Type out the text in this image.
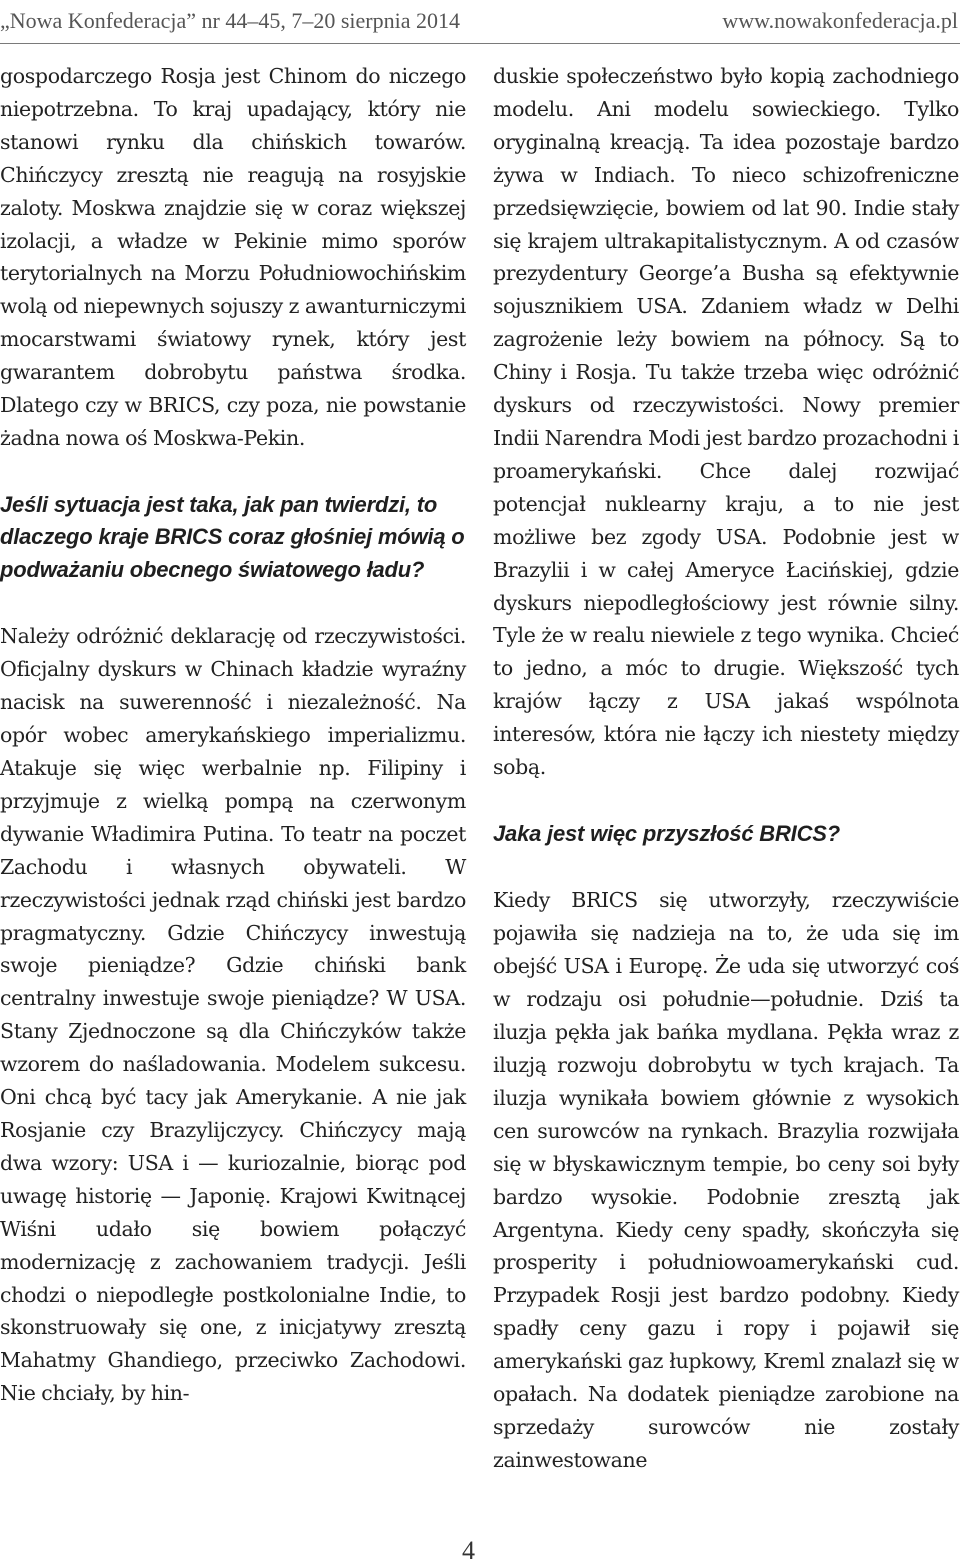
„Nowa Konfederacja” nr 44–45, 7–20 sierpnia 2014	www.nowakonfederacja.pl

gospodarczego Rosja jest Chinom do niczego niepotrzebna. To kraj upadający, który nie stanowi rynku dla chińskich towarów. Chińczycy zresztą nie reagują na rosyjskie zaloty. Moskwa znajdzie się w coraz większej izolacji, a władze w Pekinie mimo sporów terytorialnych na Morzu Południowochińskim wolą od niepewnych sojuszy z awanturniczymi mocarstwami światowy rynek, który jest gwarantem dobrobytu państwa środka. Dlatego czy w BRICS, czy poza, nie powstanie żadna nowa oś Moskwa-Pekin.

Jeśli sytuacja jest taka, jak pan twierdzi, to dlaczego kraje BRICS coraz głośniej mówią o podważaniu obecnego światowego ładu?

Należy odróżnić deklarację od rzeczywistości. Oficjalny dyskurs w Chinach kładzie wyraźny nacisk na suwerenność i niezależność. Na opór wobec amerykańskiego imperializmu. Atakuje się więc werbalnie np. Filipiny i przyjmuje z wielką pompą na czerwonym dywanie Władimira Putina. To teatr na poczet Zachodu i własnych obywateli. W rzeczywistości jednak rząd chiński jest bardzo pragmatyczny. Gdzie Chińczycy inwestują swoje pieniądze? Gdzie chiński bank centralny inwestuje swoje pieniądze? W USA. Stany Zjednoczone są dla Chińczyków także wzorem do naśladowania. Modelem sukcesu. Oni chcą być tacy jak Amerykanie. A nie jak Rosjanie czy Brazylijczycy. Chińczycy mają dwa wzory: USA i — kuriozalnie, biorąc pod uwagę historię — Japonię. Krajowi Kwitnącej Wiśni udało się bowiem połączyć modernizację z zachowaniem tradycji. Jeśli chodzi o niepodległe postkolonialne Indie, to skonstruowały się one, z inicjatywy zresztą Mahatmy Ghandiego, przeciwko Zachodowi. Nie chciały, by hin-

duskie społeczeństwo było kopią zachodniego modelu. Ani modelu sowieckiego. Tylko oryginalną kreacją. Ta idea pozostaje bardzo żywa w Indiach. To nieco schizofreniczne przedsięwzięcie, bowiem od lat 90. Indie stały się krajem ultrakapitalistycznym. A od czasów prezydentury George’a Busha są efektywnie sojusznikiem USA. Zdaniem władz w Delhi zagrożenie leży bowiem na północy. Są to Chiny i Rosja. Tu także trzeba więc odróżnić dyskurs od rzeczywistości. Nowy premier Indii Narendra Modi jest bardzo prozachodni i proamerykański. Chce dalej rozwijać potencjał nuklearny kraju, a to nie jest możliwe bez zgody USA. Podobnie jest w Brazylii i w całej Ameryce Łacińskiej, gdzie dyskurs niepodległościowy jest równie silny. Tyle że w realu niewiele z tego wynika. Chcieć to jedno, a móc to drugie. Większość tych krajów łączy z USA jakaś wspólnota interesów, która nie łączy ich niestety między sobą.

Jaka jest więc przyszłość BRICS?

Kiedy BRICS się utworzyły, rzeczywiście pojawiła się nadzieja na to, że uda się im obejść USA i Europę. Że uda się utworzyć coś w rodzaju osi południe—południe. Dziś ta iluzja pękła jak bańka mydlana. Pękła wraz z iluzją rozwoju dobrobytu w tych krajach. Ta iluzja wynikała bowiem głównie z wysokich cen surowców na rynkach. Brazylia rozwijała się w błyskawicznym tempie, bo ceny soi były bardzo wysokie. Podobnie zresztą jak Argentyna. Kiedy ceny spadły, skończyła się prosperity i południowoamerykański cud. Przypadek Rosji jest bardzo podobny. Kiedy spadły ceny gazu i ropy i pojawił się amerykański gaz łupkowy, Kreml znalazł się w opałach. Na dodatek pieniądze zarobione na sprzedaży surowców nie zostały zainwestowane

4
